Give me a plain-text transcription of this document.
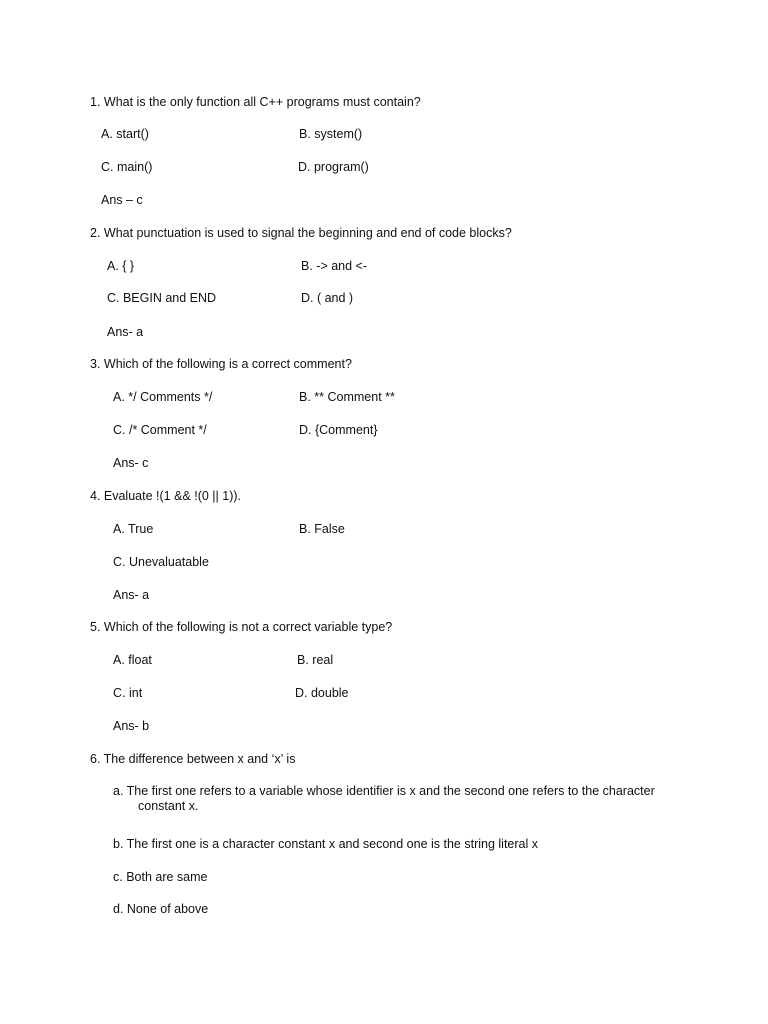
1. What is the only function all C++ programs must contain?
A. start()	B. system()
C. main()	D. program()
Ans – c
2. What punctuation is used to signal the beginning and end of code blocks?
A. { }	B. -> and <-
C. BEGIN and END	D. ( and )
Ans- a
3. Which of the following is a correct comment?
A. */ Comments */	B. ** Comment **
C. /* Comment */	D. {Comment}
Ans- c
4. Evaluate !(1 && !(0 || 1)).
A. True	B. False
C. Unevaluatable
Ans- a
5. Which of the following is not a correct variable type?
A. float	B. real
C. int	D. double
Ans- b
6. The difference between x and ‘x’ is
a. The first one refers to a variable whose identifier is x and the second one refers to the character constant x.
b. The first one is a character constant x and second one is the string literal x
c. Both are same
d. None of above
